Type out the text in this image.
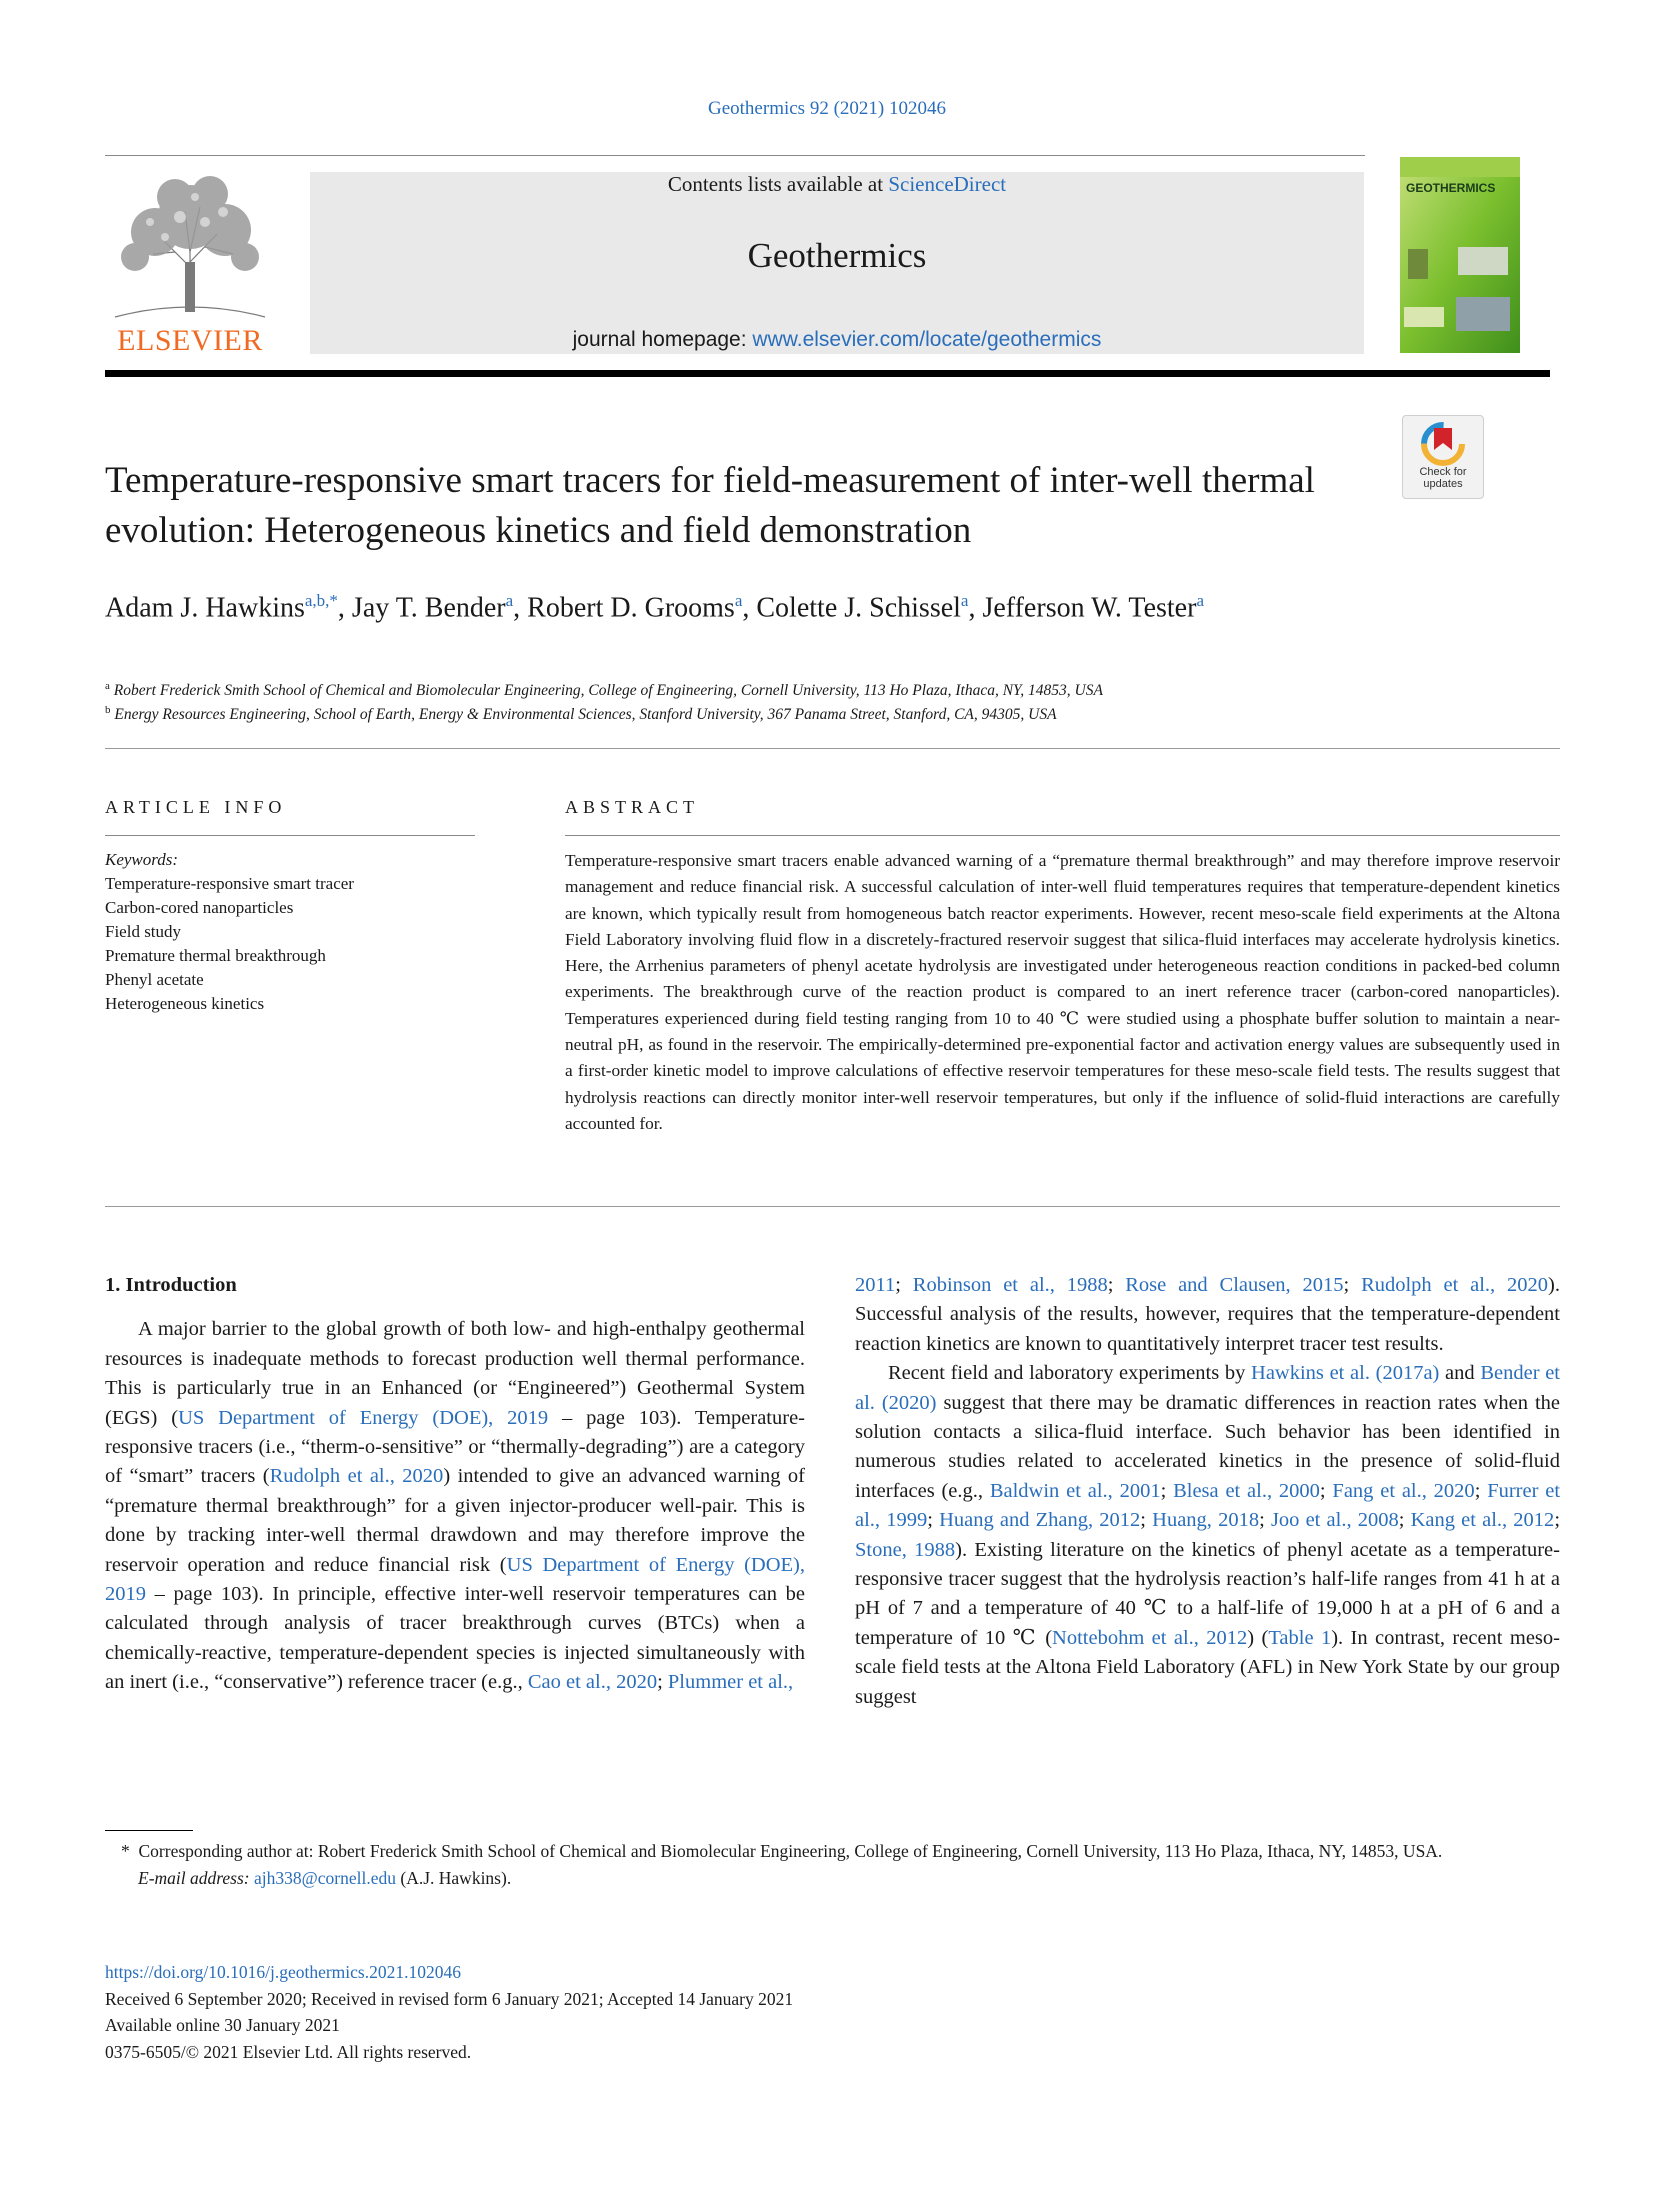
Geothermics 92 (2021) 102046
ELSEVIER
Contents lists available at ScienceDirect
Geothermics
journal homepage: www.elsevier.com/locate/geothermics
GEOTHERMICS
Check for updates
Temperature-responsive smart tracers for field-measurement of inter-well thermal evolution: Heterogeneous kinetics and field demonstration
Adam J. Hawkins$^{a,b,*}$, Jay T. Bender$^a$, Robert D. Grooms$^a$, Colette J. Schissel$^a$, Jefferson W. Tester$^a$
$^a$ Robert Frederick Smith School of Chemical and Biomolecular Engineering, College of Engineering, Cornell University, 113 Ho Plaza, Ithaca, NY, 14853, USA
$^b$ Energy Resources Engineering, School of Earth, Energy & Environmental Sciences, Stanford University, 367 Panama Street, Stanford, CA, 94305, USA
ARTICLE INFO
Keywords:
Temperature-responsive smart tracer
Carbon-cored nanoparticles
Field study
Premature thermal breakthrough
Phenyl acetate
Heterogeneous kinetics
ABSTRACT
Temperature-responsive smart tracers enable advanced warning of a “premature thermal breakthrough” and may therefore improve reservoir management and reduce financial risk. A successful calculation of inter-well fluid temperatures requires that temperature-dependent kinetics are known, which typically result from homogeneous batch reactor experiments. However, recent meso-scale field experiments at the Altona Field Laboratory involving fluid flow in a discretely-fractured reservoir suggest that silica-fluid interfaces may accelerate hydrolysis kinetics. Here, the Arrhenius parameters of phenyl acetate hydrolysis are investigated under heterogeneous reaction conditions in packed-bed column experiments. The breakthrough curve of the reaction product is compared to an inert reference tracer (carbon-cored nanoparticles). Temperatures experienced during field testing ranging from 10 to 40 ℃ were studied using a phosphate buffer solution to maintain a near-neutral pH, as found in the reservoir. The empirically-determined pre-exponential factor and activation energy values are subsequently used in a first-order kinetic model to improve calculations of effective reservoir temperatures for these meso-scale field tests. The results suggest that hydrolysis reactions can directly monitor inter-well reservoir temperatures, but only if the influence of solid-fluid interactions are carefully accounted for.
1. Introduction

A major barrier to the global growth of both low- and high-enthalpy geothermal resources is inadequate methods to forecast production well thermal performance. This is particularly true in an Enhanced (or “Engineered”) Geothermal System (EGS) (US Department of Energy (DOE), 2019 – page 103). Temperature-responsive tracers (i.e., “therm-o-sensitive” or “thermally-degrading”) are a category of “smart” tracers (Rudolph et al., 2020) intended to give an advanced warning of “premature thermal breakthrough” for a given injector-producer well-pair. This is done by tracking inter-well thermal drawdown and may therefore improve the reservoir operation and reduce financial risk (US Department of Energy (DOE), 2019 – page 103). In principle, effective inter-well reservoir temperatures can be calculated through analysis of tracer breakthrough curves (BTCs) when a chemically-reactive, temperature-dependent species is injected simultaneously with an inert (i.e., “conservative”) reference tracer (e.g., Cao et al., 2020; Plummer et al.,

2011; Robinson et al., 1988; Rose and Clausen, 2015; Rudolph et al., 2020). Successful analysis of the results, however, requires that the temperature-dependent reaction kinetics are known to quantitatively interpret tracer test results.

Recent field and laboratory experiments by Hawkins et al. (2017a) and Bender et al. (2020) suggest that there may be dramatic differences in reaction rates when the solution contacts a silica-fluid interface. Such behavior has been identified in numerous studies related to accelerated kinetics in the presence of solid-fluid interfaces (e.g., Baldwin et al., 2001; Blesa et al., 2000; Fang et al., 2020; Furrer et al., 1999; Huang and Zhang, 2012; Huang, 2018; Joo et al., 2008; Kang et al., 2012; Stone, 1988). Existing literature on the kinetics of phenyl acetate as a temperature-responsive tracer suggest that the hydrolysis reaction’s half-life ranges from 41 h at a pH of 7 and a temperature of 40 ℃ to a half-life of 19,000 h at a pH of 6 and a temperature of 10 ℃ (Nottebohm et al., 2012) (Table 1). In contrast, recent meso-scale field tests at the Altona Field Laboratory (AFL) in New York State by our group suggest

* Corresponding author at: Robert Frederick Smith School of Chemical and Biomolecular Engineering, College of Engineering, Cornell University, 113 Ho Plaza, Ithaca, NY, 14853, USA.
E-mail address: ajh338@cornell.edu (A.J. Hawkins).
https://doi.org/10.1016/j.geothermics.2021.102046
Received 6 September 2020; Received in revised form 6 January 2021; Accepted 14 January 2021
Available online 30 January 2021
0375-6505/© 2021 Elsevier Ltd. All rights reserved.
